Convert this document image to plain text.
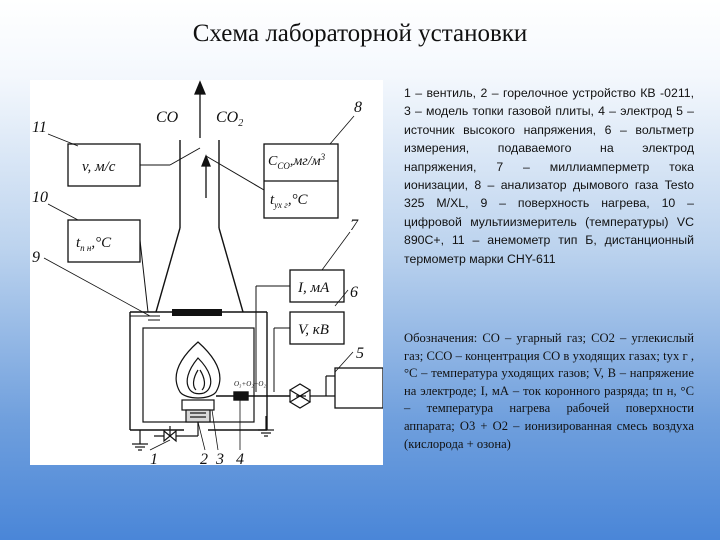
Схема лабораторной установки
CO $CO_2$
v, м/с
$t_{п н},^\circ С$
$С_{CO},мг/м^3$
$t_{ух г},^\circ С$
I, мА
V, кВ
O₃+O₂+O₂
11
10
9
8
7
6
5
1	2 3 4

1 – вентиль, 2 – горелочное устройство КВ -0211, 3 – модель топки газовой плиты, 4 – электрод 5 – источник высокого напряжения, 6 – вольтметр измерения, подаваемого на электрод напряжения, 7 – миллиамперметр тока ионизации, 8 – анализатор дымового газа Testo 325 M/XL, 9 – поверхность нагрева, 10 – цифровой мультиизмеритель (температуры) VC 890С+, 11 – анемометр тип Б, дистанционный термометр марки CHY-611

Обозначения: CO – угарный газ; CO2 – углекислый газ; CCO – концентрация CO в уходящих газах; tух г , °С – температура уходящих газов; V, В – напряжение на электроде; I, мА – ток коронного разряда; tп н, °С – температура нагрева рабочей поверхности аппарата; O3 + O2 – ионизированная смесь воздуха (кислорода + озона)
